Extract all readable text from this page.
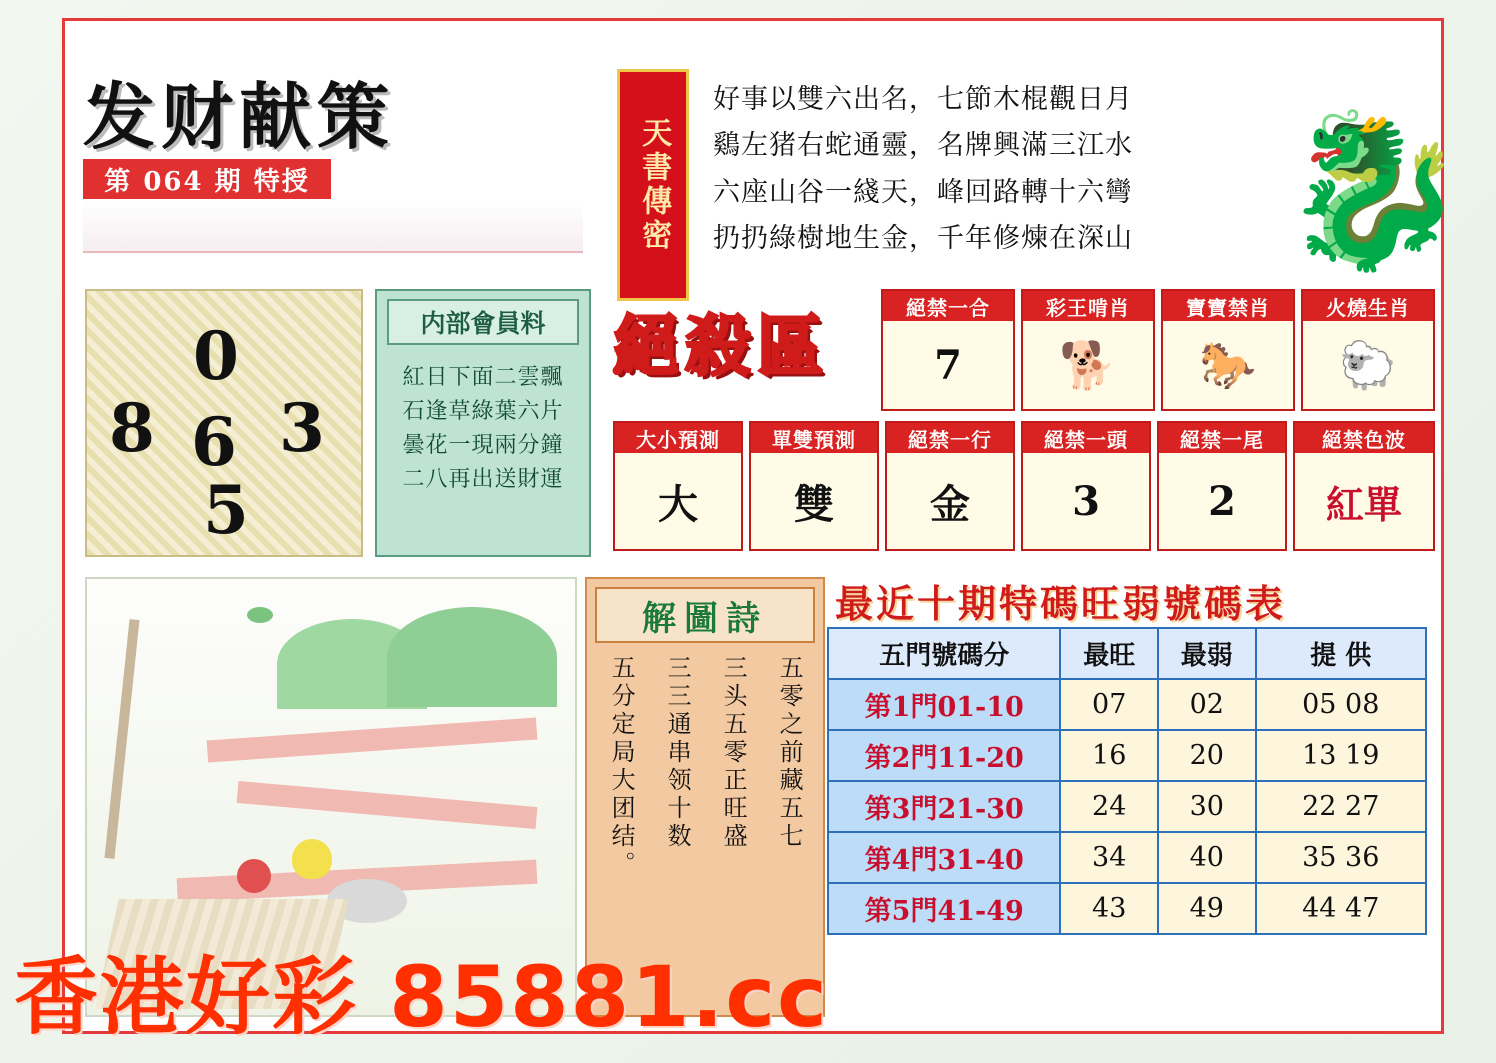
发财献策
第 064 期 特授	天書傳密
好事以雙六出名，七節木棍觀日月
鷄左猪右蛇通靈，名牌興滿三江水
六座山谷一綫天，峰回路轉十六彎
扔扔綠樹地生金，千年修煉在深山 🐉
0
8 6 3
5
内部會員料
紅日下面二雲飄
石逢草綠葉六片
曇花一現兩分鐘
二八再出送財運
絕殺區	絕禁一合
7
彩王啃肖
🐕
寶寶禁肖
🐎
火燒生肖
🐑
大小預測
大
單雙預測
雙
絕禁一行
金
絕禁一頭
3
絕禁一尾
2
絕禁色波
紅單
解圖詩
五零之前藏五七
三头五零正旺盛
三三通串领十数
五分定局大团结。
最近十期特碼旺弱號碼表
五門號碼分	最旺	最弱	提 供
第1門01-10	07	02	05 08
第2門11-20	16	20	13 19
第3門21-30	24	30	22 27
第4門31-40	34	40	35 36
第5門41-49	43	49	44 47
香港好彩 85881.cc
